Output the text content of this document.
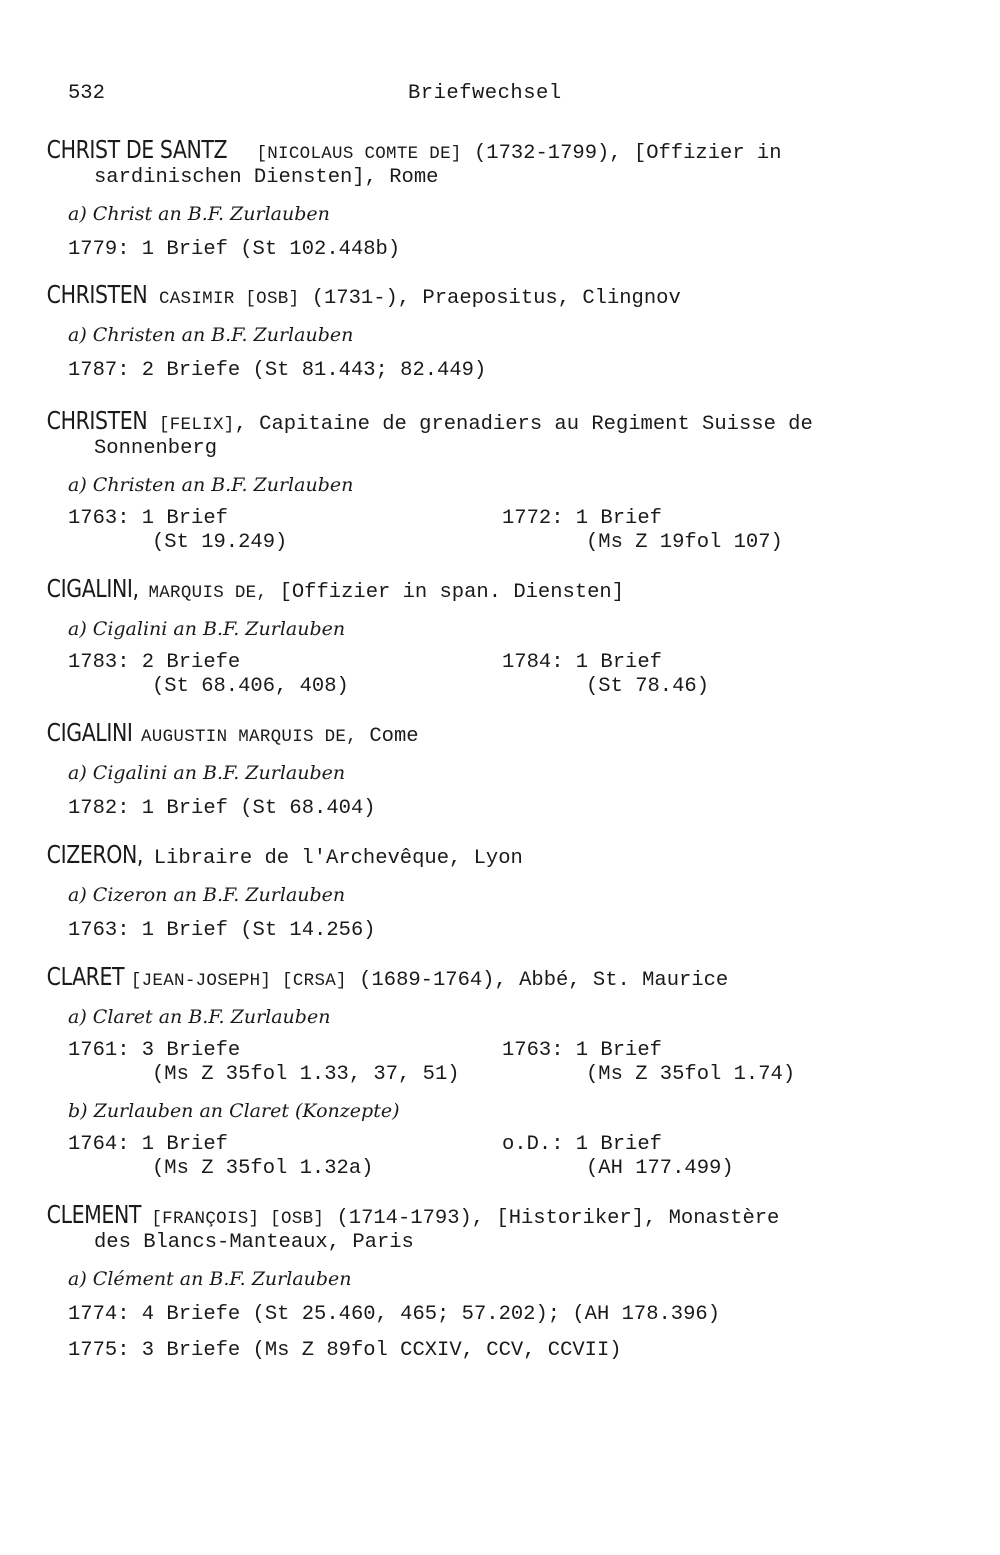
532	Briefwechsel

CHRIST DE SANTZ [NICOLAUS COMTE DE] (1732-1799), [Offizier in
sardinischen Diensten], Rome

a) Christ an B.F. Zurlauben

1779: 1 Brief (St 102.448b)

CHRISTEN CASIMIR [OSB] (1731-), Praepositus, Clingnov

a) Christen an B.F. Zurlauben

1787: 2 Briefe (St 81.443; 82.449)

CHRISTEN [FELIX], Capitaine de grenadiers au Regiment Suisse de
Sonnenberg

a) Christen an B.F. Zurlauben

1763: 1 Brief
(St 19.249)
1772: 1 Brief
(Ms Z 19fol 107)

CIGALINI, MARQUIS DE, [Offizier in span. Diensten]

a) Cigalini an B.F. Zurlauben

1783: 2 Briefe
(St 68.406, 408)
1784: 1 Brief
(St 78.46)

CIGALINI AUGUSTIN MARQUIS DE, Come

a) Cigalini an B.F. Zurlauben

1782: 1 Brief (St 68.404)

CIZERON, Libraire de l'Archevêque, Lyon

a) Cizeron an B.F. Zurlauben

1763: 1 Brief (St 14.256)

CLARET [JEAN-JOSEPH] [CRSA] (1689-1764), Abbé, St. Maurice

a) Claret an B.F. Zurlauben

1761: 3 Briefe
(Ms Z 35fol 1.33, 37, 51)
1763: 1 Brief
(Ms Z 35fol 1.74)

b) Zurlauben an Claret (Konzepte)

1764: 1 Brief
(Ms Z 35fol 1.32a)
o.D.: 1 Brief
(AH 177.499)

CLEMENT [FRANÇOIS] [OSB] (1714-1793), [Historiker], Monastère
des Blancs-Manteaux, Paris

a) Clément an B.F. Zurlauben

1774: 4 Briefe (St 25.460, 465; 57.202); (AH 178.396)

1775: 3 Briefe (Ms Z 89fol CCXIV, CCV, CCVII)
